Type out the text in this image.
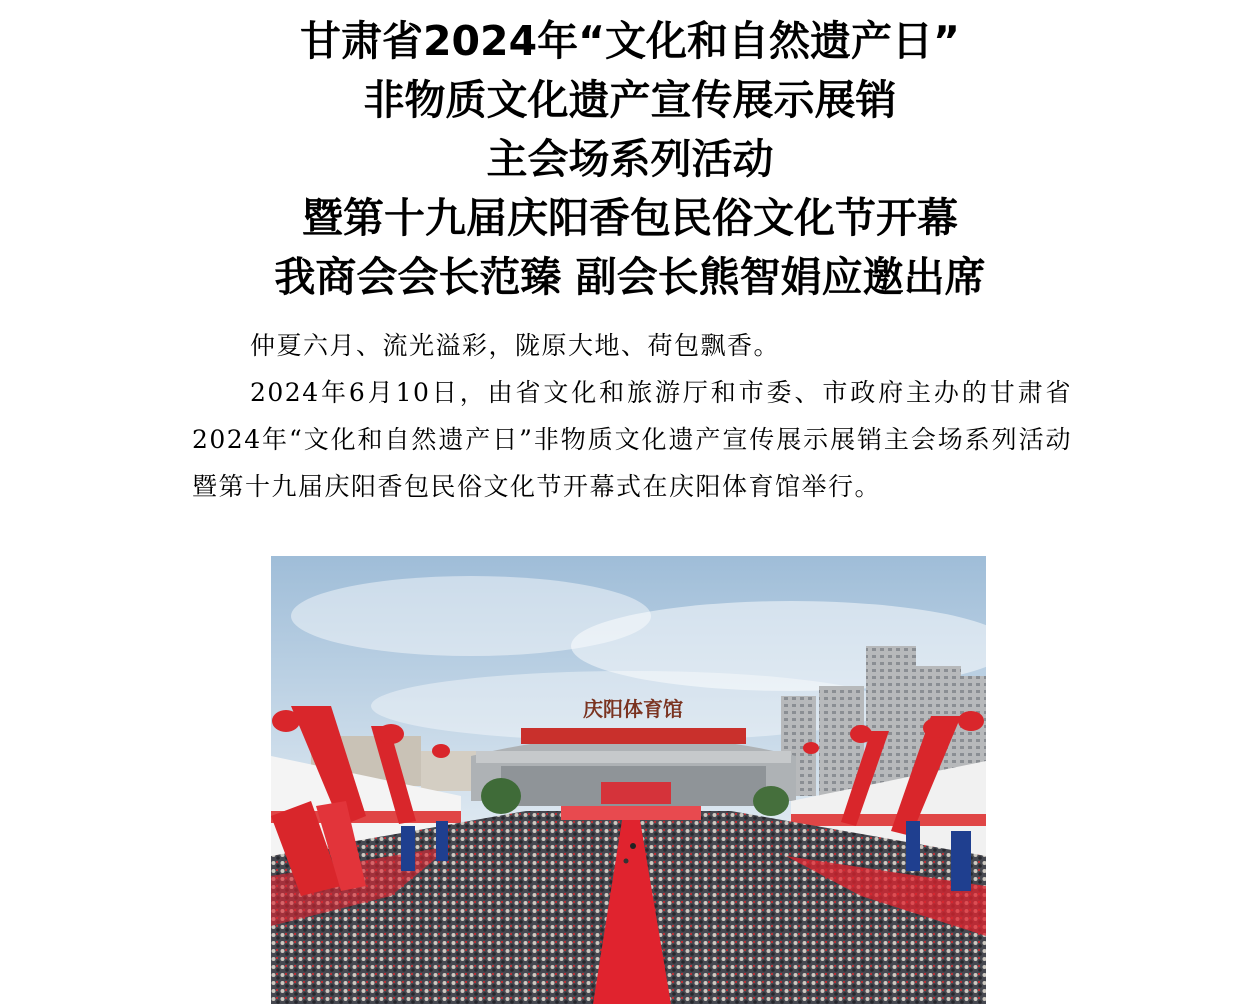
甘肃省2024年“文化和自然遗产日”
非物质文化遗产宣传展示展销
主会场系列活动
暨第十九届庆阳香包民俗文化节开幕
我商会会长范臻 副会长熊智娟应邀出席

仲夏六月、流光溢彩，陇原大地、荷包飘香。

2024年6月10日，由省文化和旅游厅和市委、市政府主办的甘肃省2024年“文化和自然遗产日”非物质文化遗产宣传展示展销主会场系列活动暨第十九届庆阳香包民俗文化节开幕式在庆阳体育馆举行。

庆阳体育馆
